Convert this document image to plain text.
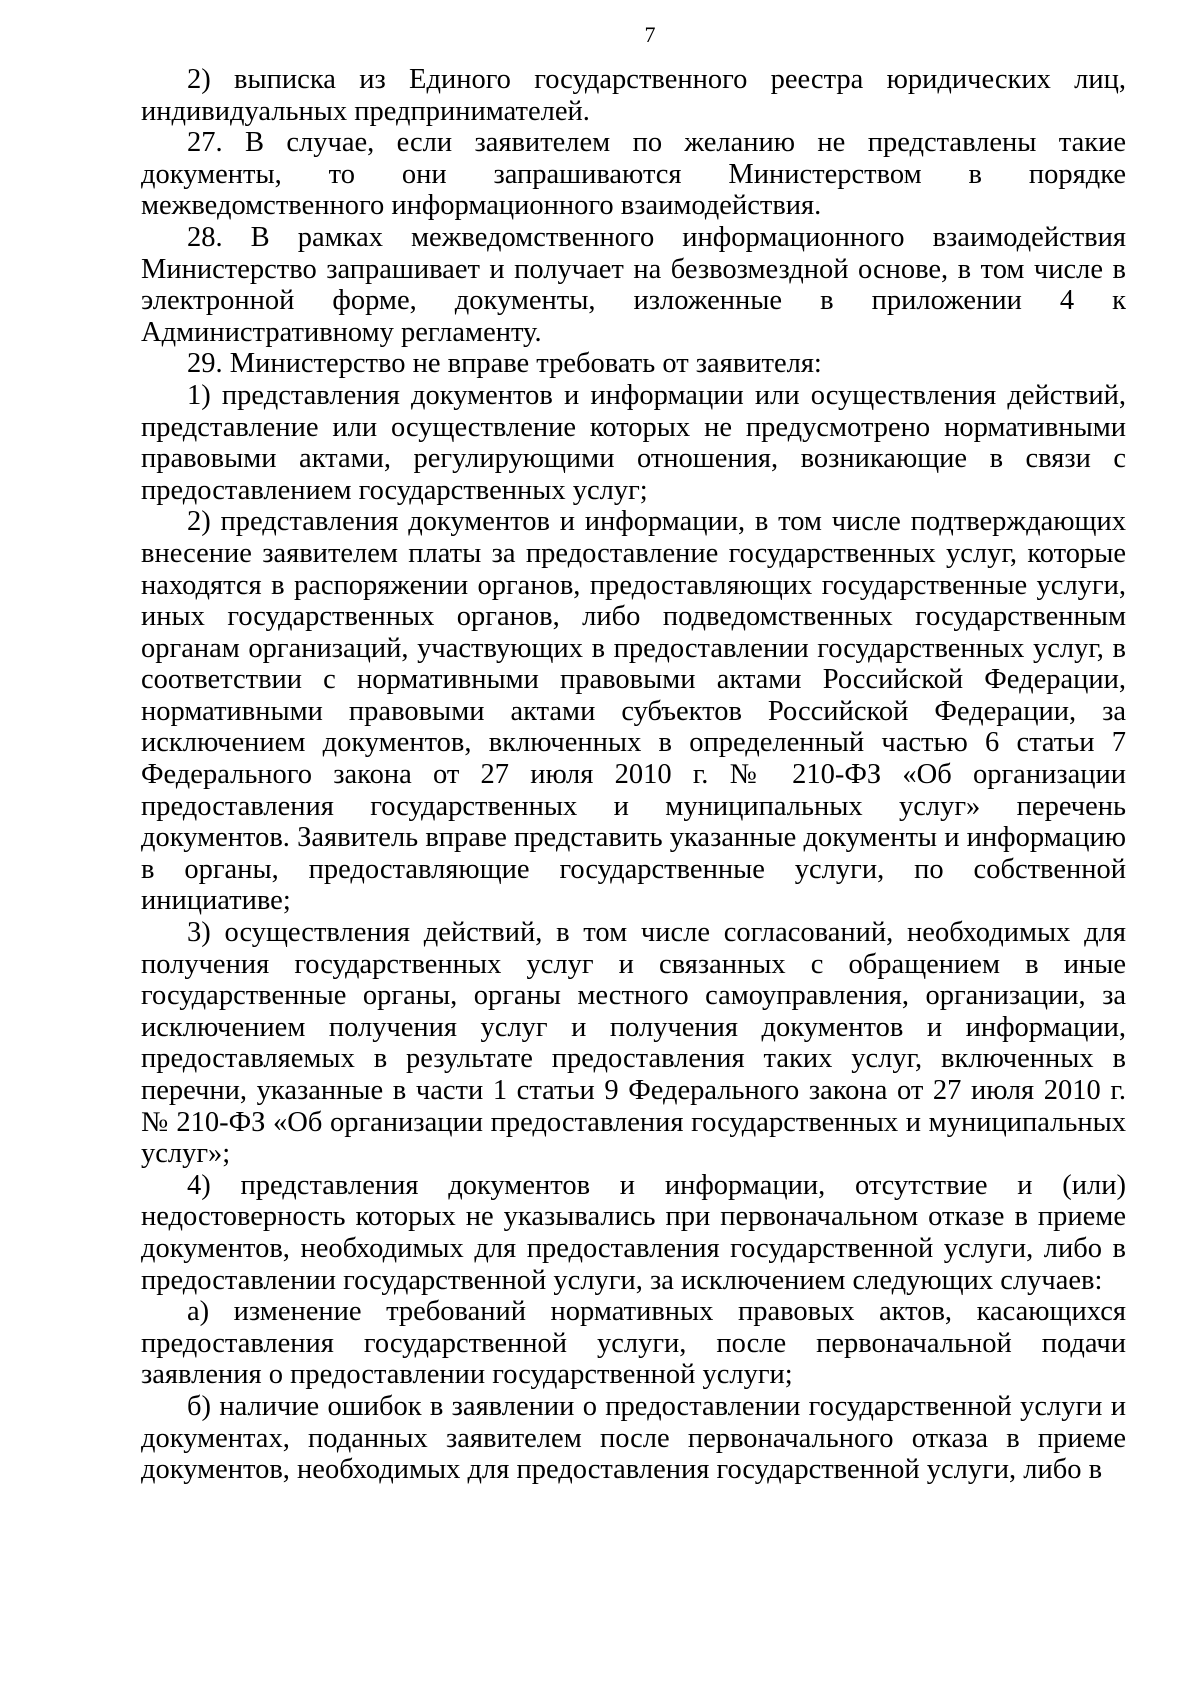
7

2) выписка из Единого государственного реестра юридических лиц, индивидуальных предпринимателей.

27. В случае, если заявителем по желанию не представлены такие документы, то они запрашиваются Министерством в порядке межведомственного информационного взаимодействия.

28. В рамках межведомственного информационного взаимодействия Министерство запрашивает и получает на безвозмездной основе, в том числе в электронной форме, документы, изложенные в приложении 4 к Административному регламенту.

29. Министерство не вправе требовать от заявителя:

1) представления документов и информации или осуществления действий, представление или осуществление которых не предусмотрено нормативными правовыми актами, регулирующими отношения, возникающие в связи с предоставлением государственных услуг;

2) представления документов и информации, в том числе подтверждающих внесение заявителем платы за предоставление государственных услуг, которые находятся в распоряжении органов, предоставляющих государственные услуги, иных государственных органов, либо подведомственных государственным органам организаций, участвующих в предоставлении государственных услуг, в соответствии с нормативными правовыми актами Российской Федерации, нормативными правовыми актами субъектов Российской Федерации, за исключением документов, включенных в определенный частью 6 статьи 7 Федерального закона от 27 июля 2010 г. № 210-ФЗ «Об организации предоставления государственных и муниципальных услуг» перечень документов. Заявитель вправе представить указанные документы и информацию в органы, предоставляющие государственные услуги, по собственной инициативе;

3) осуществления действий, в том числе согласований, необходимых для получения государственных услуг и связанных с обращением в иные государственные органы, органы местного самоуправления, организации, за исключением получения услуг и получения документов и информации, предоставляемых в результате предоставления таких услуг, включенных в перечни, указанные в части 1 статьи 9 Федерального закона от 27 июля 2010 г. № 210-ФЗ «Об организации предоставления государственных и муниципальных услуг»;

4) представления документов и информации, отсутствие и (или) недостоверность которых не указывались при первоначальном отказе в приеме документов, необходимых для предоставления государственной услуги, либо в предоставлении государственной услуги, за исключением следующих случаев:

а) изменение требований нормативных правовых актов, касающихся предоставления государственной услуги, после первоначальной подачи заявления о предоставлении государственной услуги;

б) наличие ошибок в заявлении о предоставлении государственной услуги и документах, поданных заявителем после первоначального отказа в приеме документов, необходимых для предоставления государственной услуги, либо в
